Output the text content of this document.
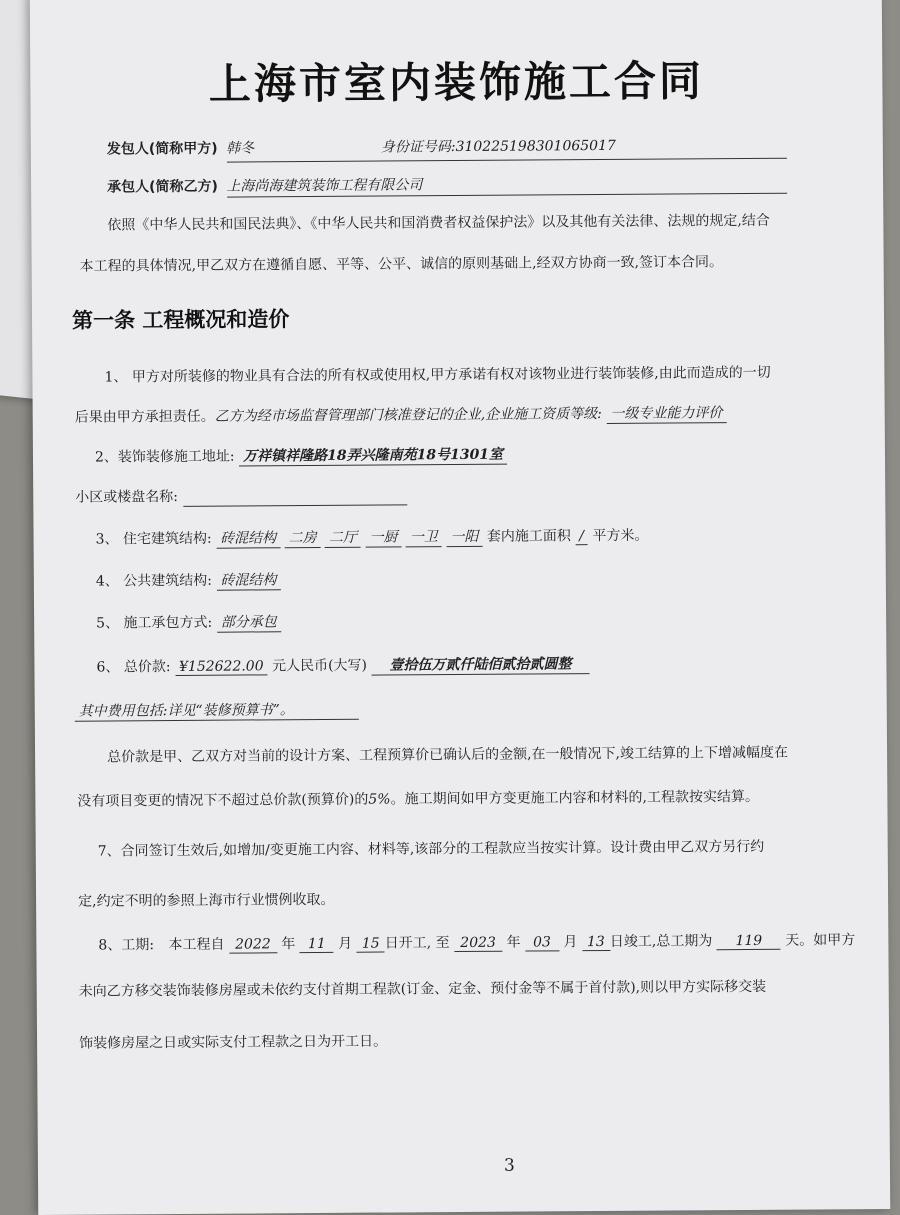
上海市室内装饰施工合同
发包人(简称甲方) 韩冬	身份证号码:310225198301065017
承包人(简称乙方) 上海尚海建筑装饰工程有限公司
依照《中华人民共和国民法典》、《中华人民共和国消费者权益保护法》以及其他有关法律、法规的规定,结合
本工程的具体情况,甲乙双方在遵循自愿、平等、公平、诚信的原则基础上,经双方协商一致,签订本合同。
第一条 工程概况和造价
1、 甲方对所装修的物业具有合法的所有权或使用权,甲方承诺有权对该物业进行装饰装修,由此而造成的一切
后果由甲方承担责任。乙方为经市场监督管理部门核准登记的企业,企业施工资质等级: 一级专业能力评价
2、装饰装修施工地址: 万祥镇祥隆路18弄兴隆南苑18号1301室
小区或楼盘名称:
3、 住宅建筑结构: 砖混结构 二房 二厅 一厨 一卫 一阳 套内施工面积 / 平方米。
4、 公共建筑结构: 砖混结构
5、 施工承包方式: 部分承包
6、 总价款: ¥152622.00 元人民币(大写) 壹拾伍万贰仟陆佰贰拾贰圆整
其中费用包括:详见“装修预算书”。
总价款是甲、乙双方对当前的设计方案、工程预算价已确认后的金额,在一般情况下,竣工结算的上下增减幅度在
没有项目变更的情况下不超过总价款(预算价)的5%。施工期间如甲方变更施工内容和材料的,工程款按实结算。
7、合同签订生效后,如增加/变更施工内容、材料等,该部分的工程款应当按实计算。设计费由甲乙双方另行约
定,约定不明的参照上海市行业惯例收取。
8、工期: 本工程自 2022 年 11 月 15 日开工, 至 2023 年 03 月 13 日竣工,总工期为 119 天。如甲方
未向乙方移交装饰装修房屋或未依约支付首期工程款(订金、定金、预付金等不属于首付款),则以甲方实际移交装
饰装修房屋之日或实际支付工程款之日为开工日。
3
